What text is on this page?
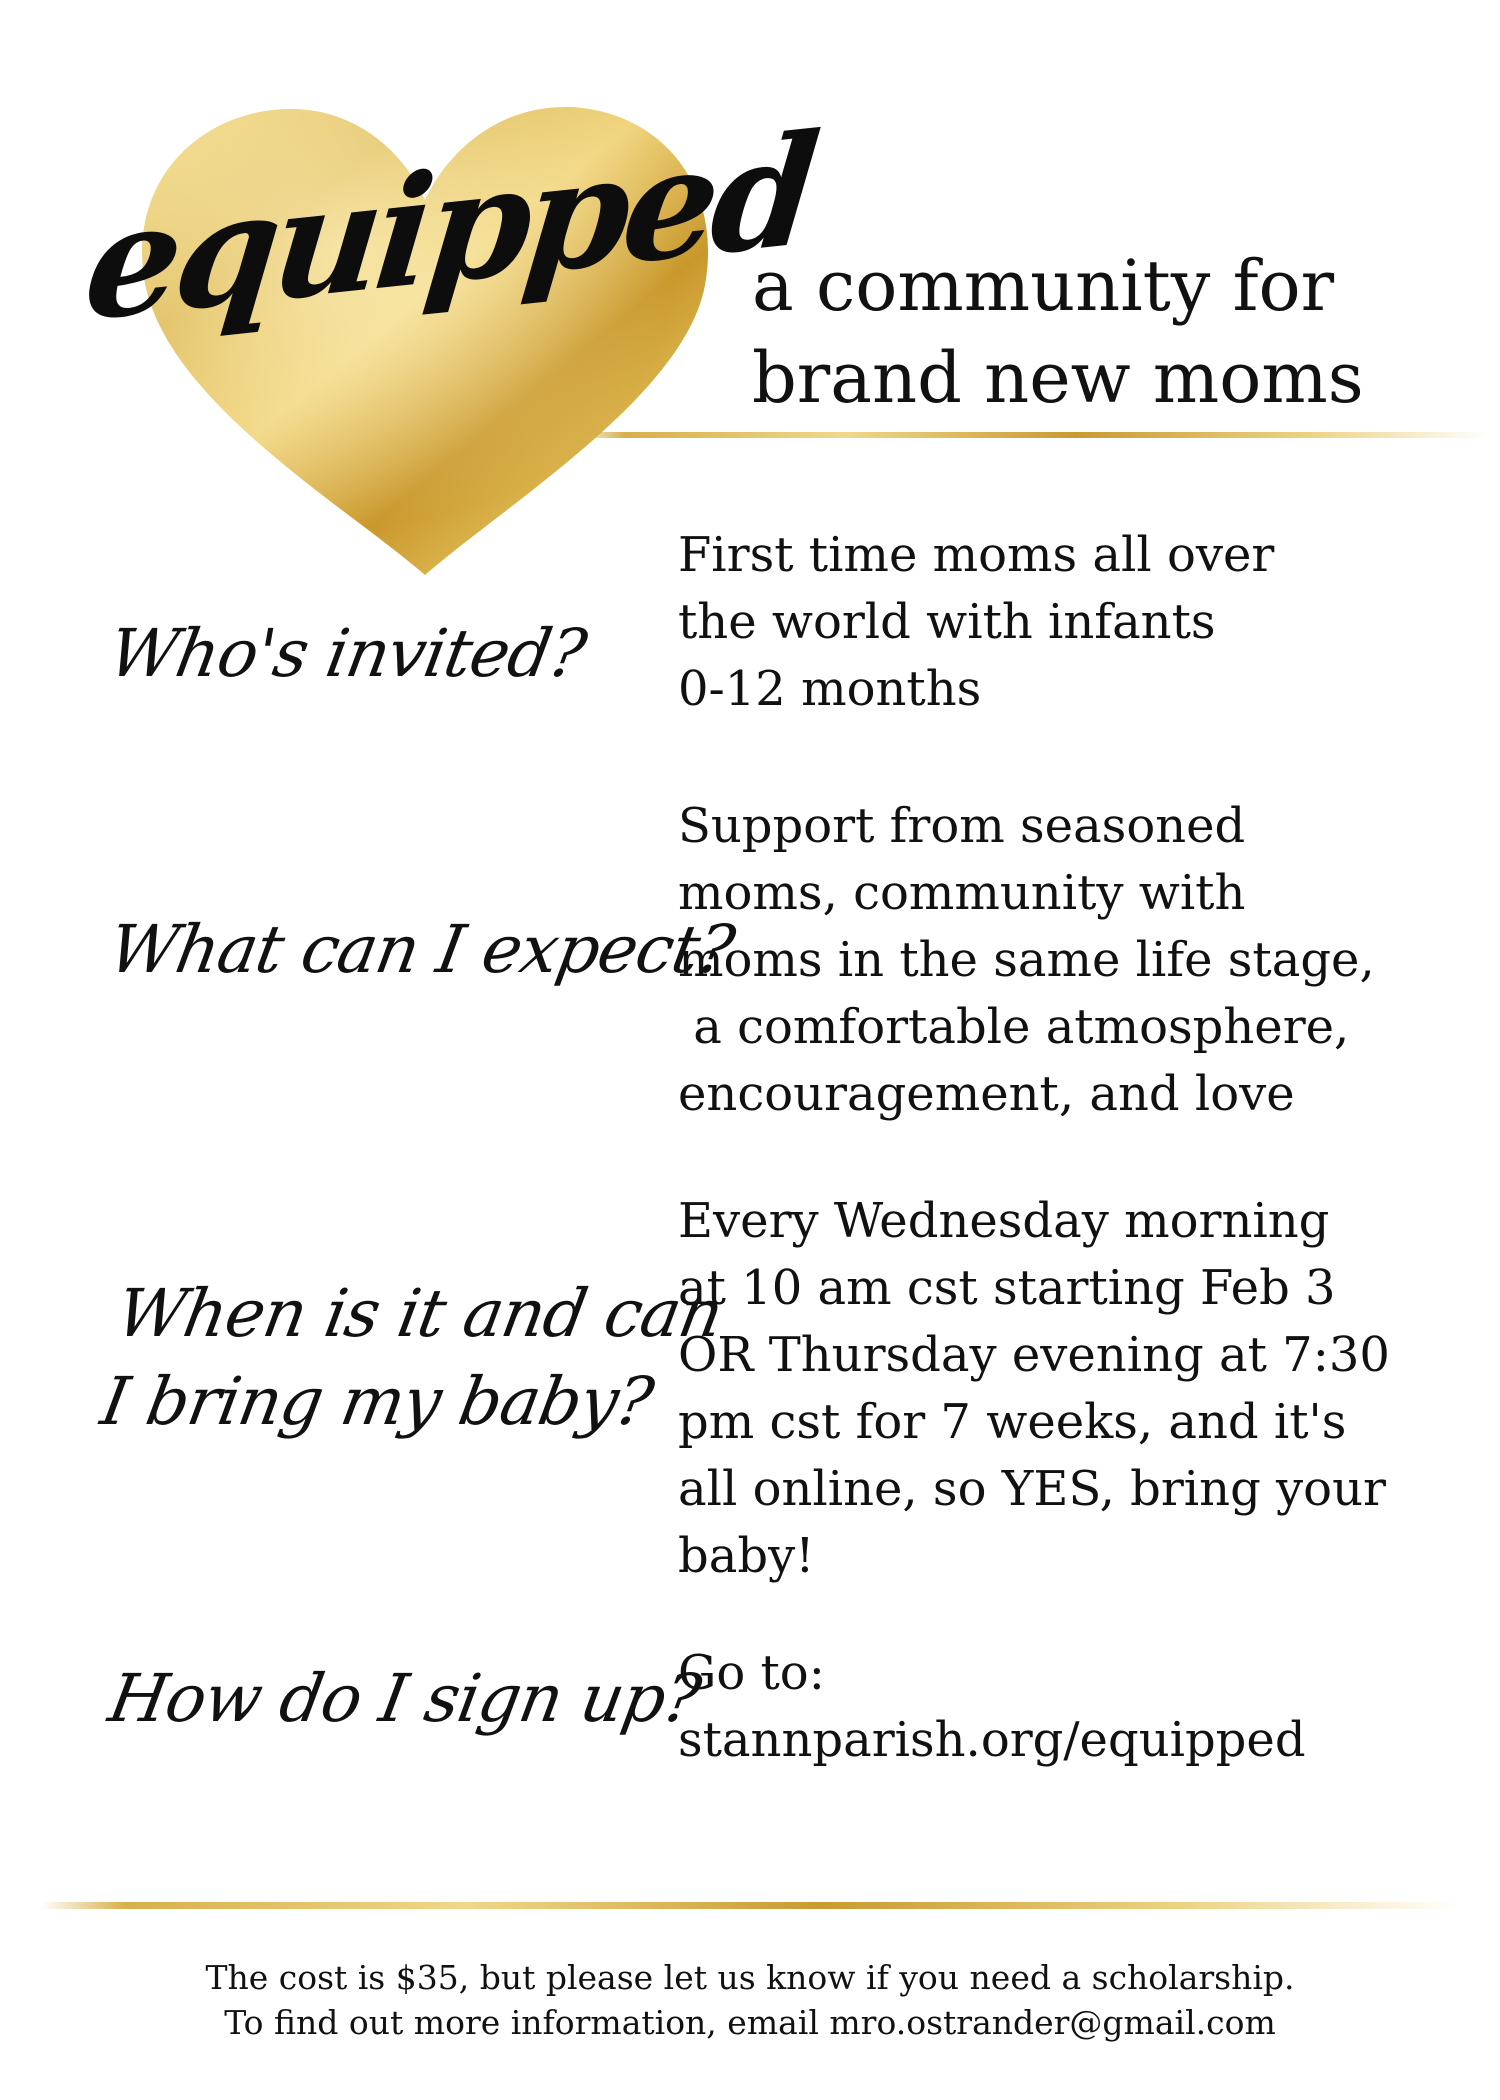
equipped
a community for
brand new moms
Who's invited?
First time moms all over
the world with infants
0-12 months
What can I expect?
Support from seasoned
moms, community with
moms in the same life stage,
a comfortable atmosphere,
encouragement, and love
When is it and can
I bring my baby?
Every Wednesday morning
at 10 am cst starting Feb 3
OR Thursday evening at 7:30
pm cst for 7 weeks, and it's
all online, so YES, bring your
baby!
How do I sign up?
Go to:
stannparish.org/equipped
The cost is $35, but please let us know if you need a scholarship.
To find out more information, email mro.ostrander@gmail.com
